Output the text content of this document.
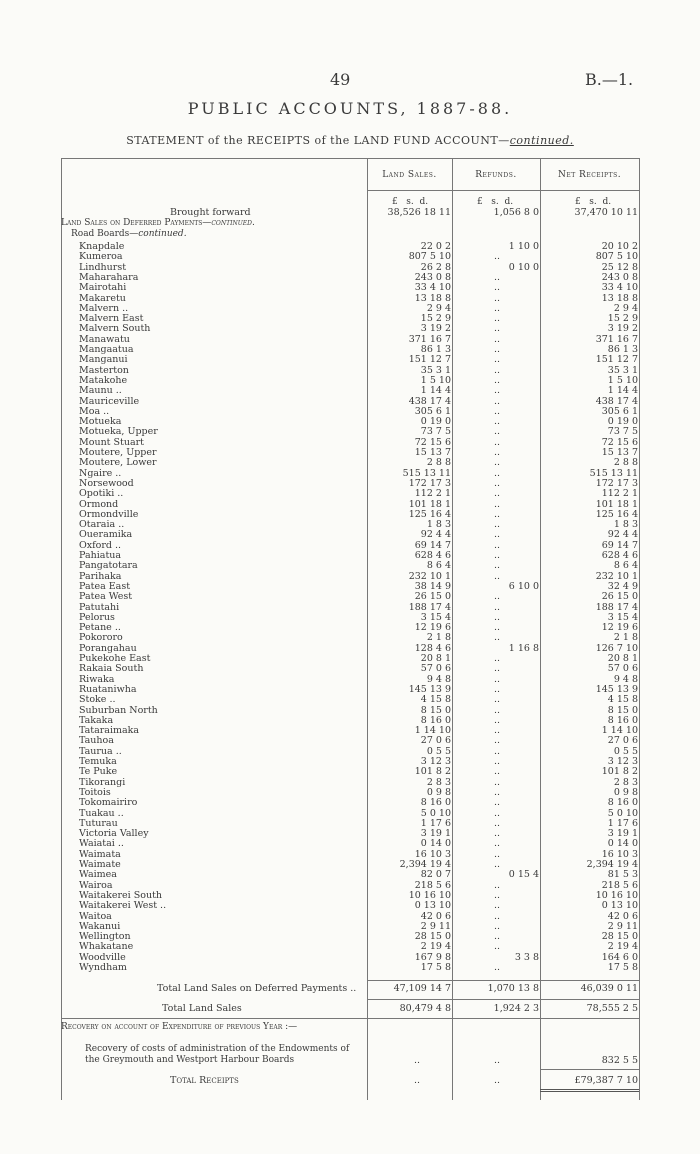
49	B.—1.
PUBLIC ACCOUNTS, 1887-88.
STATEMENT of the RECEIPTS of the LAND FUND ACCOUNT—continued.
Land Sales.	Refunds.	Net Receipts.
£   s.  d.	£   s.  d.	£   s.  d.
Brought forward	38,526 18 11	1,056 8 0	37,470 10 11
Land Sales on Deferred Payments—continued.
Road Boards—continued.
Knapdale	22 0 2	1 10 0	20 10 2
Kumeroa	807 5 10	..	807 5 10
Lindhurst	26 2 8	0 10 0	25 12 8
Maharahara	243 0 8	..	243 0 8
Mairotahi	33 4 10	..	33 4 10
Makaretu	13 18 8	..	13 18 8
Malvern ..	2 9 4	..	2 9 4
Malvern East	15 2 9	..	15 2 9
Malvern South	3 19 2	..	3 19 2
Manawatu	371 16 7	..	371 16 7
Mangaatua	86 1 3	..	86 1 3
Manganui	151 12 7	..	151 12 7
Masterton	35 3 1	..	35 3 1
Matakohe	1 5 10	..	1 5 10
Maunu ..	1 14 4	..	1 14 4
Mauriceville	438 17 4	..	438 17 4
Moa ..	305 6 1	..	305 6 1
Motueka	0 19 0	..	0 19 0
Motueka, Upper	73 7 5	..	73 7 5
Mount Stuart	72 15 6	..	72 15 6
Moutere, Upper	15 13 7	..	15 13 7
Moutere, Lower	2 8 8	..	2 8 8
Ngaire ..	515 13 11	..	515 13 11
Norsewood	172 17 3	..	172 17 3
Opotiki ..	112 2 1	..	112 2 1
Ormond	101 18 1	..	101 18 1
Ormondville	125 16 4	..	125 16 4
Otaraia ..	1 8 3	..	1 8 3
Oueramika	92 4 4	..	92 4 4
Oxford ..	69 14 7	..	69 14 7
Pahiatua	628 4 6	..	628 4 6
Pangatotara	8 6 4	..	8 6 4
Parihaka	232 10 1	..	232 10 1
Patea East	38 14 9	6 10 0	32 4 9
Patea West	26 15 0	..	26 15 0
Patutahi	188 17 4	..	188 17 4
Pelorus	3 15 4	..	3 15 4
Petane ..	12 19 6	..	12 19 6
Pokororo	2 1 8	..	2 1 8
Porangahau	128 4 6	1 16 8	126 7 10
Pukekohe East	20 8 1	..	20 8 1
Rakaia South	57 0 6	..	57 0 6
Riwaka	9 4 8	..	9 4 8
Ruataniwha	145 13 9	..	145 13 9
Stoke ..	4 15 8	..	4 15 8
Suburban North	8 15 0	..	8 15 0
Takaka	8 16 0	..	8 16 0
Tataraimaka	1 14 10	..	1 14 10
Tauhoa	27 0 6	..	27 0 6
Taurua ..	0 5 5	..	0 5 5
Temuka	3 12 3	..	3 12 3
Te Puke	101 8 2	..	101 8 2
Tikorangi	2 8 3	..	2 8 3
Toitois	0 9 8	..	0 9 8
Tokomairiro	8 16 0	..	8 16 0
Tuakau ..	5 0 10	..	5 0 10
Tuturau	1 17 6	..	1 17 6
Victoria Valley	3 19 1	..	3 19 1
Waiatai ..	0 14 0	..	0 14 0
Waimata	16 10 3	..	16 10 3
Waimate	2,394 19 4	..	2,394 19 4
Waimea	82 0 7	0 15 4	81 5 3
Wairoa	218 5 6	..	218 5 6
Waitakerei South	10 16 10	..	10 16 10
Waitakerei West ..	0 13 10	..	0 13 10
Waitoa	42 0 6	..	42 0 6
Wakanui	2 9 11	..	2 9 11
Wellington	28 15 0	..	28 15 0
Whakatane	2 19 4	..	2 19 4
Woodville	167 9 8	3 3 8	164 6 0
Wyndham	17 5 8	..	17 5 8
Total Land Sales on Deferred Payments ..	47,109 14 7	1,070 13 8	46,039 0 11
Total Land Sales	80,479 4 8	1,924 2 3	78,555 2 5
Recovery on account of Expenditure of previous Year :—
Recovery of costs of administration of the Endowments of the Greymouth and Westport Harbour Boards	..	..	832 5 5
Total Receipts	..	..	£79,387 7 10
